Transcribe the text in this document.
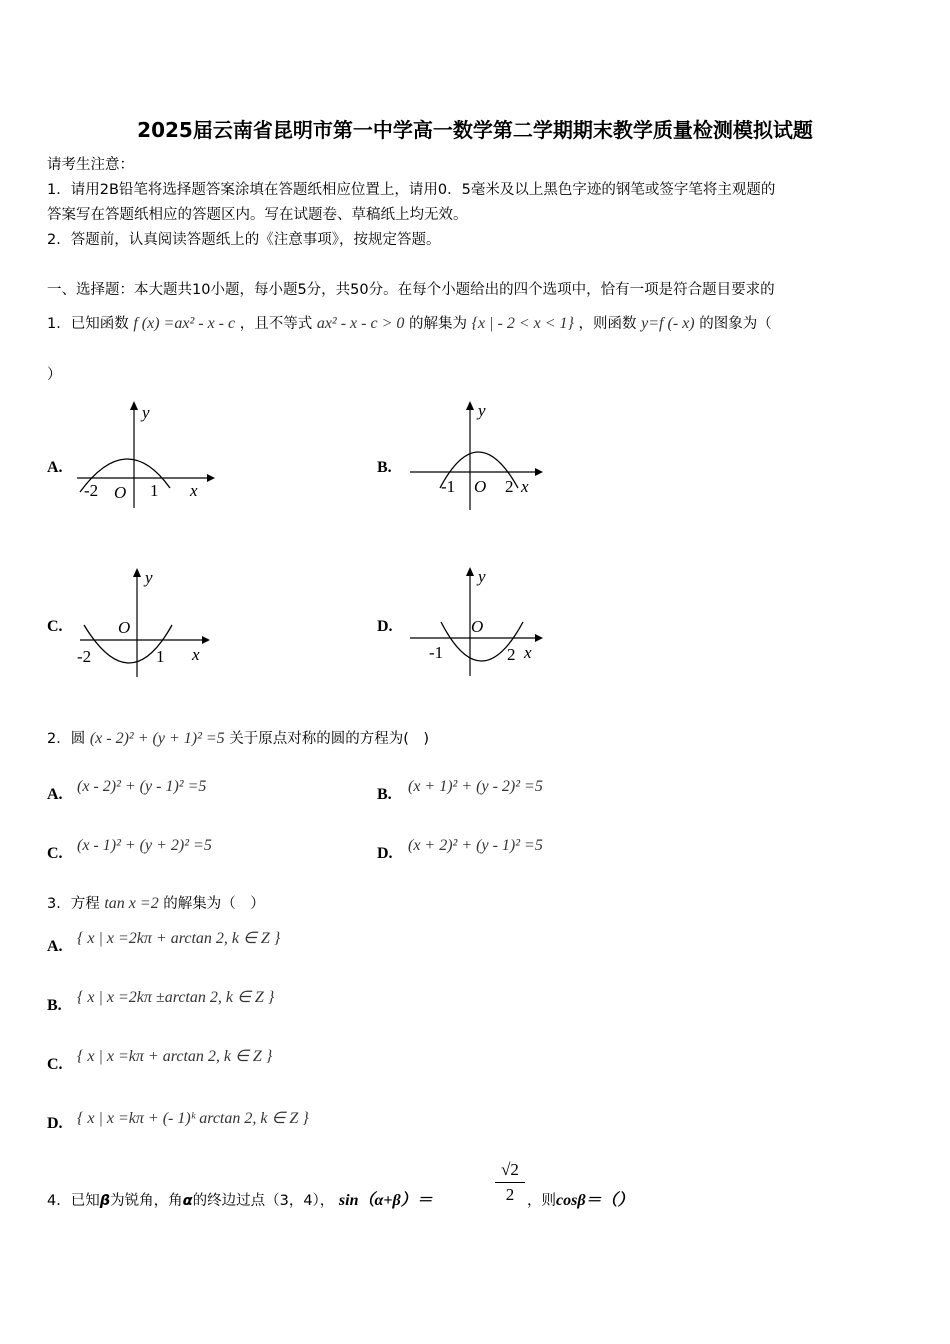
2025届云南省昆明市第一中学高一数学第二学期期末教学质量检测模拟试题
请考生注意：
1．请用2B铅笔将选择题答案涂填在答题纸相应位置上，请用0．5毫米及以上黑色字迹的钢笔或签字笔将主观题的
答案写在答题纸相应的答题区内。写在试题卷、草稿纸上均无效。
2．答题前，认真阅读答题纸上的《注意事项》，按规定答题。
一、选择题：本大题共10小题，每小题5分，共50分。在每个小题给出的四个选项中，恰有一项是符合题目要求的
1．已知函数 f (x) =ax² - x - c ，且不等式 ax² - x - c > 0 的解集为 {x | - 2 < x < 1} ，则函数 y=f (- x) 的图象为（
）
A.
y
x
-2 O 1
B.
y
x
-1 O 2
C.
y
x
-2
O
1
D.
y
x
-1
O
2
2．圆 (x - 2)² + (y + 1)² =5 关于原点对称的圆的方程为(　)
A. (x - 2)² + (y - 1)² =5	B. (x + 1)² + (y - 2)² =5
C. (x - 1)² + (y + 2)² =5	D. (x + 2)² + (y - 1)² =5
3．方程 tan x =2 的解集为（　）
A. { x | x =2kπ + arctan 2, k ∈ Z }
B. { x | x =2kπ ±arctan 2, k ∈ Z }
C. { x | x =kπ + arctan 2, k ∈ Z }
D. { x | x =kπ + (- 1)ᵏ arctan 2, k ∈ Z }
4．已知β为锐角，角α的终边过点（3，4）， sin（α+β）＝
√2
2 ，则cosβ＝（）
